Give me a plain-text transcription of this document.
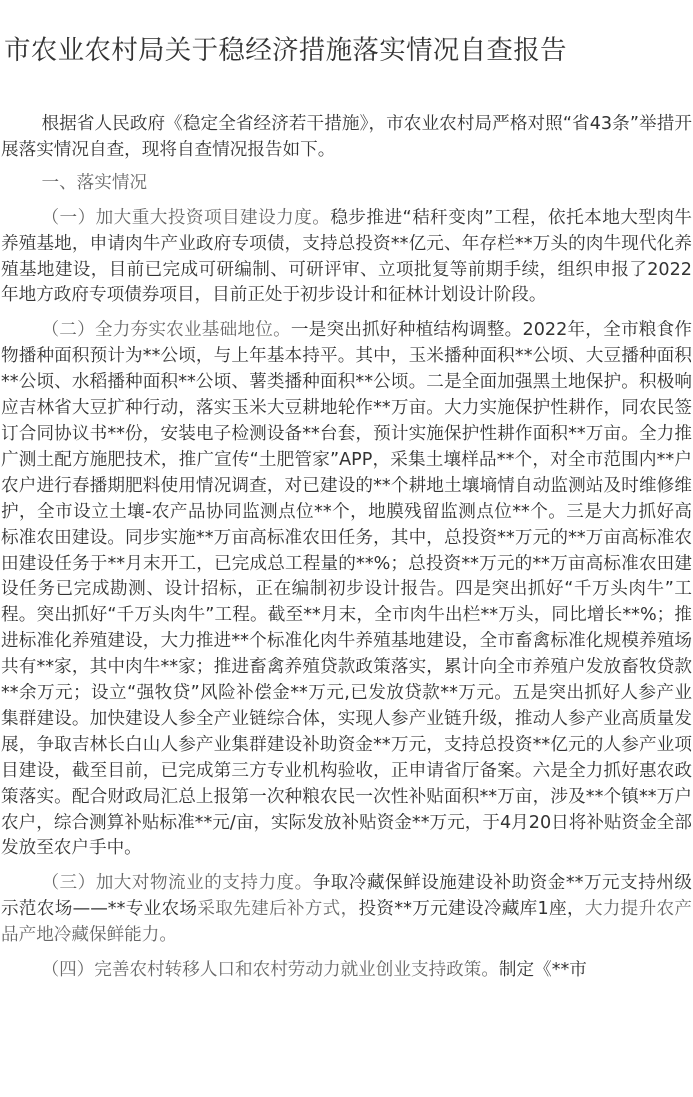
市农业农村局关于稳经济措施落实情况自查报告

根据省人民政府《稳定全省经济若干措施》，市农业农村局严格对照“省43条”举措开展落实情况自查，现将自查情况报告如下。

一、落实情况

（一）加大重大投资项目建设力度。稳步推进“秸秆变肉”工程，依托本地大型肉牛养殖基地，申请肉牛产业政府专项债，支持总投资**亿元、年存栏**万头的肉牛现代化养殖基地建设，目前已完成可研编制、可研评审、立项批复等前期手续，组织申报了2022年地方政府专项债券项目，目前正处于初步设计和征林计划设计阶段。

（二）全力夯实农业基础地位。一是突出抓好种植结构调整。2022年，全市粮食作物播种面积预计为**公顷，与上年基本持平。其中，玉米播种面积**公顷、大豆播种面积**公顷、水稻播种面积**公顷、薯类播种面积**公顷。二是全面加强黑土地保护。积极响应吉林省大豆扩种行动，落实玉米大豆耕地轮作**万亩。大力实施保护性耕作，同农民签订合同协议书**份，安装电子检测设备**台套，预计实施保护性耕作面积**万亩。全力推广测土配方施肥技术，推广宣传“土肥管家”APP，采集土壤样品**个，对全市范围内**户农户进行春播期肥料使用情况调查，对已建设的**个耕地土壤墒情自动监测站及时维修维护，全市设立土壤-农产品协同监测点位**个，地膜残留监测点位**个。三是大力抓好高标准农田建设。同步实施**万亩高标准农田任务，其中，总投资**万元的**万亩高标准农田建设任务于**月末开工，已完成总工程量的**%；总投资**万元的**万亩高标准农田建设任务已完成勘测、设计招标，正在编制初步设计报告。四是突出抓好“千万头肉牛”工程。突出抓好“千万头肉牛”工程。截至**月末，全市肉牛出栏**万头，同比增长**%；推进标准化养殖建设，大力推进**个标准化肉牛养殖基地建设，全市畜禽标准化规模养殖场共有**家，其中肉牛**家；推进畜禽养殖贷款政策落实，累计向全市养殖户发放畜牧贷款**余万元；设立“强牧贷”风险补偿金**万元,已发放贷款**万元。五是突出抓好人参产业集群建设。加快建设人参全产业链综合体，实现人参产业链升级，推动人参产业高质量发展，争取吉林长白山人参产业集群建设补助资金**万元，支持总投资**亿元的人参产业项目建设，截至目前，已完成第三方专业机构验收，正申请省厅备案。六是全力抓好惠农政策落实。配合财政局汇总上报第一次种粮农民一次性补贴面积**万亩，涉及**个镇**万户农户，综合测算补贴标准**元/亩，实际发放补贴资金**万元，于4月20日将补贴资金全部发放至农户手中。

（三）加大对物流业的支持力度。争取冷藏保鲜设施建设补助资金**万元支持州级示范农场——**专业农场采取先建后补方式，投资**万元建设冷藏库1座，大力提升农产品产地冷藏保鲜能力。

（四）完善农村转移人口和农村劳动力就业创业支持政策。制定《**市
